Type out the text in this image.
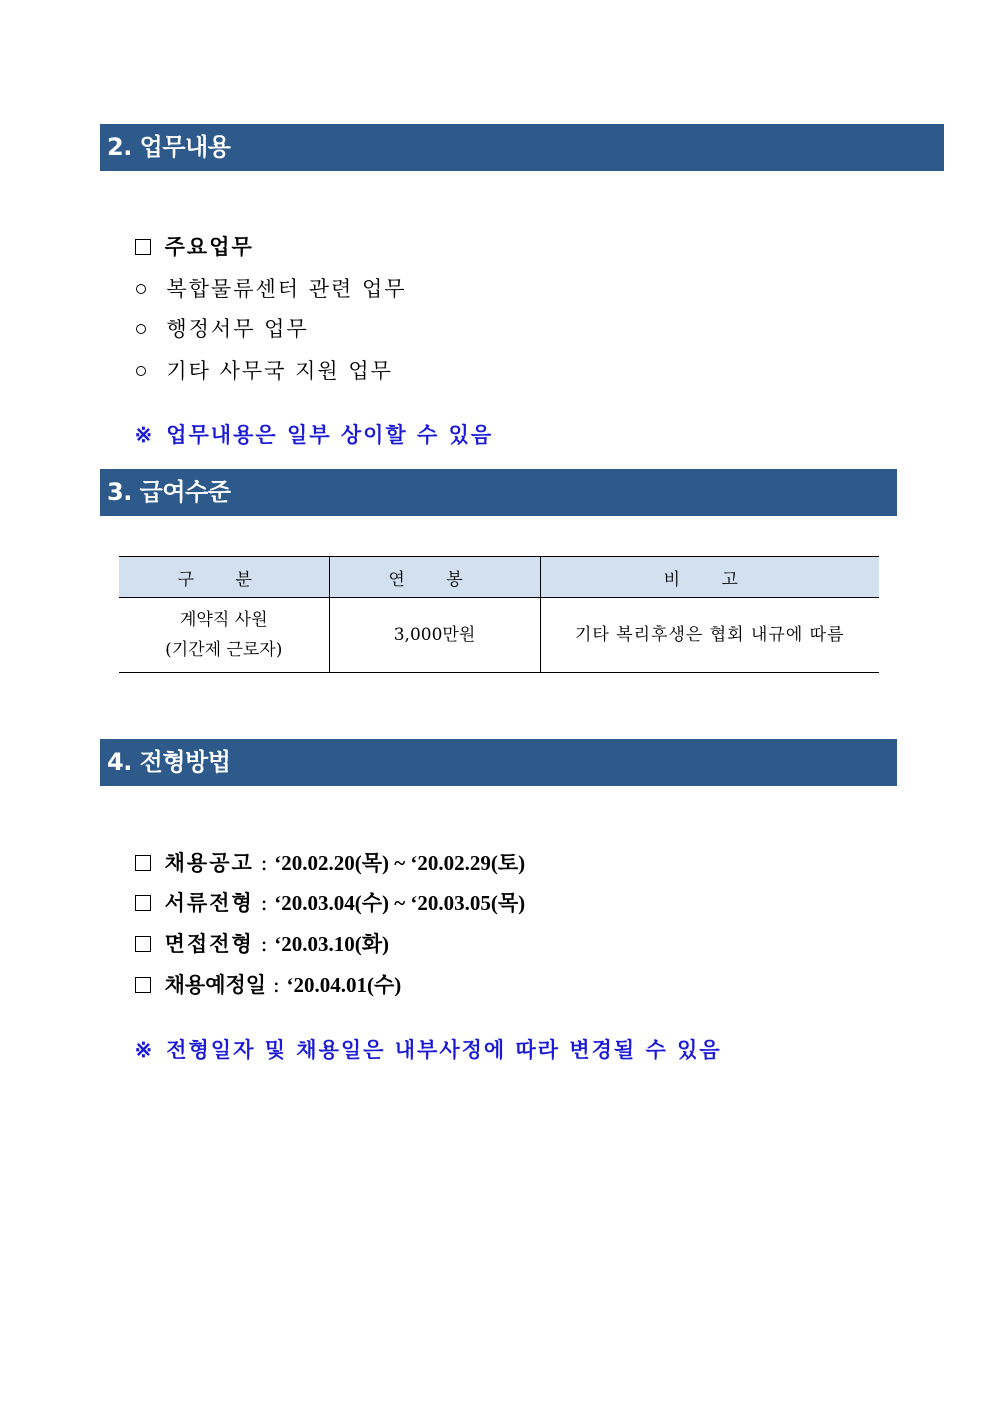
2. 업무내용

주요업무

복합물류센터 관련 업무

행정서무 업무

기타 사무국 지원 업무

※ 업무내용은 일부 상이할 수 있음

3. 급여수준
구 분	연 봉	비 고

계약직 사원
(기간제 근로자)	3,000만원	기타 복리후생은 협회 내규에 따름
4. 전형방법

채용공고 : ‘20.02.20(목) ~ ‘20.02.29(토)

서류전형 : ‘20.03.04(수) ~ ‘20.03.05(목)

면접전형 : ‘20.03.10(화)

채용예정일 : ‘20.04.01(수)

※ 전형일자 및 채용일은 내부사정에 따라 변경될 수 있음
